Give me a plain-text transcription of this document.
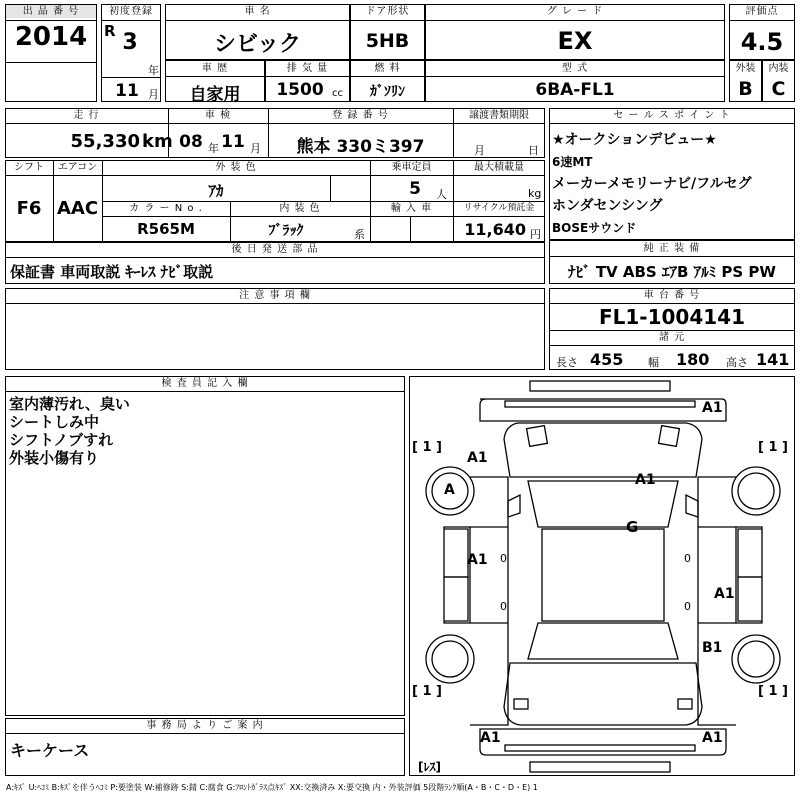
出 品 番 号
2014
初度登録
R 3
年
11 月
車 名
シビック
ドア形状
5HB
グ レ ー ド
EX
評価点
4.5
車 歴
自家用
排 気 量
1500 cc
燃 料
ｶﾞｿﾘﾝ
型 式
6BA-FL1
外装	内装
B C
走 行	車 検	登 録 番 号	譲渡書類期限
55,330 km 08 年 11 月	熊本 330ミ397	月	日
セ ー ル ス ポ イ ン ト
★オークションデビュー★
6速MT
メーカーメモリーナビ/フルセグ
ホンダセンシング
BOSEサウンド
シフト	エアコン	外 装 色	乗車定員	最大積載量
F6 AAC
ｱｶ	5	人	kg
カ ラ ー N o .	内 装 色	輸 入 車	リサイクル預託金
R565M	ﾌﾞﾗｯｸ	系	11,640 円
後 日 発 送 部 品
保証書 車両取説 ｷｰﾚｽ ﾅﾋﾞ取説
純 正 装 備
ﾅﾋﾞ TV ABS ｴｱB ｱﾙﾐ PS PW
注 意 事 項 欄	車 台 番 号
FL1-1004141
諸 元
長さ 455 幅 180 高さ 141
検 査 員 記 入 欄
室内薄汚れ、臭い
シートしみ中
シフトノブすれ
外装小傷有り
事 務 局 よ り ご 案 内
キーケース
A1
A1
A1
G
A1
A1
B1
A1	A1
A
[ 1 ]	[ 1 ]
[ 1 ]	[ 1 ]
[ﾚｽ]
0
0
0
0
A:ｷｽﾞ U:ﾍｺﾐ B:ｷｽﾞを伴うﾍｺﾐ P:要塗装 W:補修跡 S:錆 C:腐食 G:ﾌﾛﾝﾄｶﾞﾗｽ点ｷｽﾞ XX:交換済み X:要交換 内・外装評価 5段階ﾗﾝｸ順(A・B・C・D・E) 1
